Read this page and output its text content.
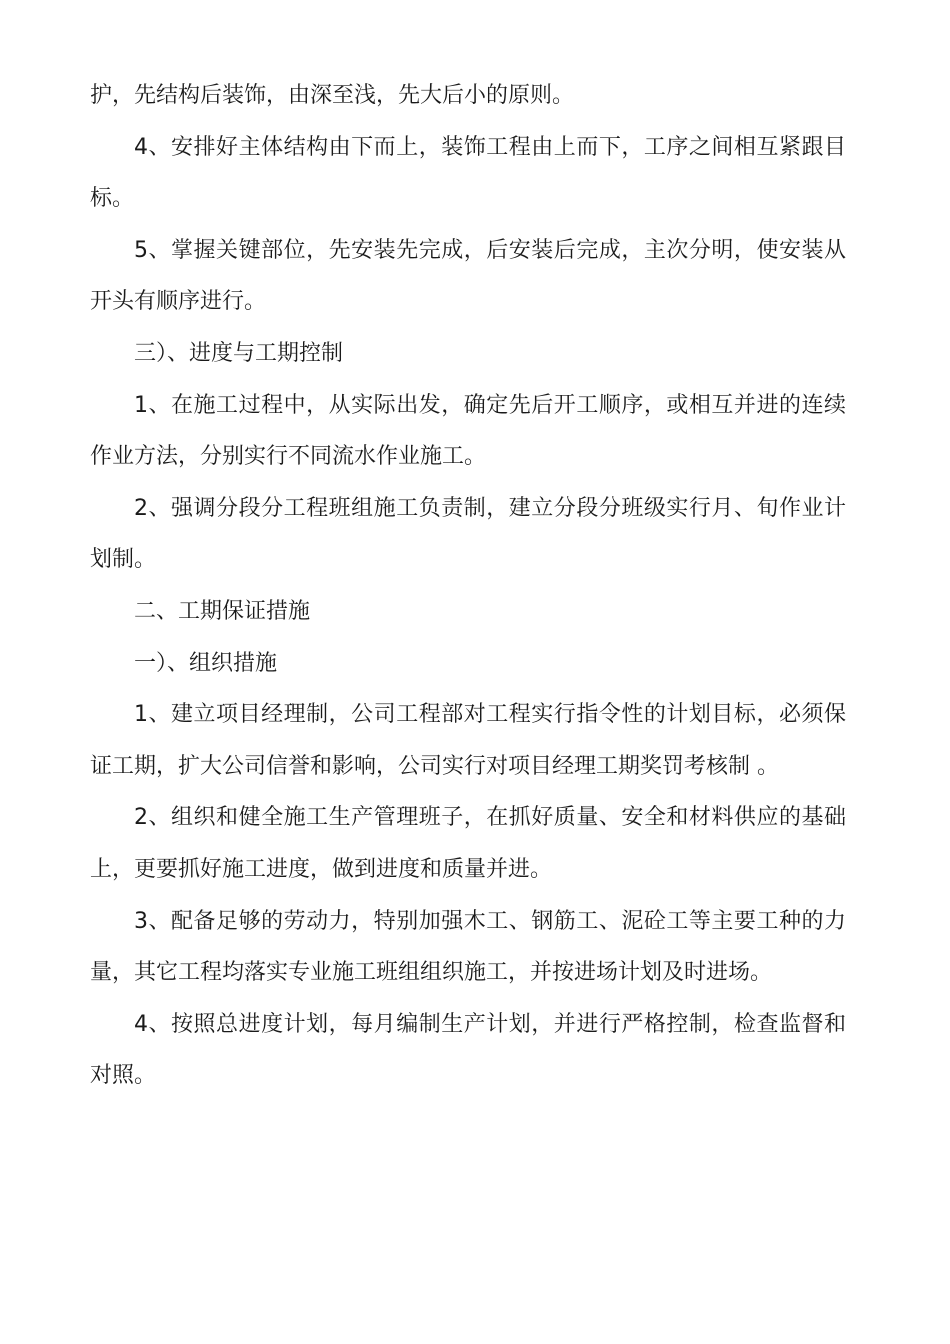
护，先结构后装饰，由深至浅，先大后小的原则。

4、安排好主体结构由下而上，装饰工程由上而下，工序之间相互紧跟目标。

5、掌握关键部位，先安装先完成，后安装后完成，主次分明，使安装从开头有顺序进行。

三）、进度与工期控制

1、在施工过程中，从实际出发，确定先后开工顺序，或相互并进的连续作业方法，分别实行不同流水作业施工。

2、强调分段分工程班组施工负责制，建立分段分班级实行月、旬作业计划制。

二、工期保证措施

一）、组织措施

1、建立项目经理制，公司工程部对工程实行指令性的计划目标，必须保证工期，扩大公司信誉和影响，公司实行对项目经理工期奖罚考核制 。

2、组织和健全施工生产管理班子，在抓好质量、安全和材料供应的基础上，更要抓好施工进度，做到进度和质量并进。

3、配备足够的劳动力，特别加强木工、钢筋工、泥砼工等主要工种的力量，其它工程均落实专业施工班组组织施工，并按进场计划及时进场。

4、按照总进度计划，每月编制生产计划，并进行严格控制，检查监督和对照。
